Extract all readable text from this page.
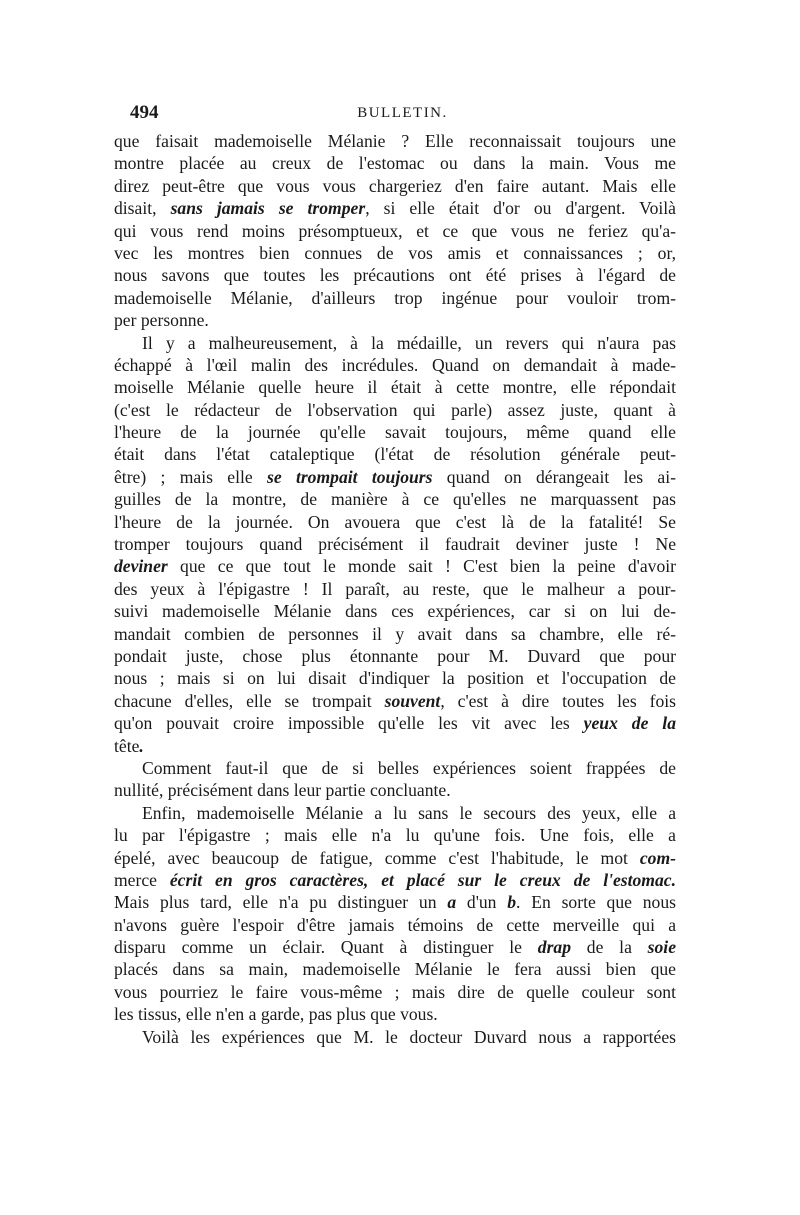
494	BULLETIN.
que faisait mademoiselle Mélanie ? Elle reconnaissait toujours une
montre placée au creux de l'estomac ou dans la main. Vous me
direz peut-être que vous vous chargeriez d'en faire autant. Mais elle
disait, sans jamais se tromper, si elle était d'or ou d'argent. Voilà
qui vous rend moins présomptueux, et ce que vous ne feriez qu'a-
vec les montres bien connues de vos amis et connaissances ; or,
nous savons que toutes les précautions ont été prises à l'égard de
mademoiselle Mélanie, d'ailleurs trop ingénue pour vouloir trom-
per personne.
Il y a malheureusement, à la médaille, un revers qui n'aura pas
échappé à l'œil malin des incrédules. Quand on demandait à made-
moiselle Mélanie quelle heure il était à cette montre, elle répondait
(c'est le rédacteur de l'observation qui parle) assez juste, quant à
l'heure de la journée qu'elle savait toujours, même quand elle
était dans l'état cataleptique (l'état de résolution générale peut-
être) ; mais elle se trompait toujours quand on dérangeait les ai-
guilles de la montre, de manière à ce qu'elles ne marquassent pas
l'heure de la journée. On avouera que c'est là de la fatalité! Se
tromper toujours quand précisément il faudrait deviner juste ! Ne
deviner que ce que tout le monde sait ! C'est bien la peine d'avoir
des yeux à l'épigastre ! Il paraît, au reste, que le malheur a pour-
suivi mademoiselle Mélanie dans ces expériences, car si on lui de-
mandait combien de personnes il y avait dans sa chambre, elle ré-
pondait juste, chose plus étonnante pour M. Duvard que pour
nous ; mais si on lui disait d'indiquer la position et l'occupation de
chacune d'elles, elle se trompait souvent, c'est à dire toutes les fois
qu'on pouvait croire impossible qu'elle les vit avec les yeux de la
tête.
Comment faut-il que de si belles expériences soient frappées de
nullité, précisément dans leur partie concluante.
Enfin, mademoiselle Mélanie a lu sans le secours des yeux, elle a
lu par l'épigastre ; mais elle n'a lu qu'une fois. Une fois, elle a
épelé, avec beaucoup de fatigue, comme c'est l'habitude, le mot com-
merce écrit en gros caractères, et placé sur le creux de l'estomac.
Mais plus tard, elle n'a pu distinguer un a d'un b. En sorte que nous
n'avons guère l'espoir d'être jamais témoins de cette merveille qui a
disparu comme un éclair. Quant à distinguer le drap de la soie
placés dans sa main, mademoiselle Mélanie le fera aussi bien que
vous pourriez le faire vous-même ; mais dire de quelle couleur sont
les tissus, elle n'en a garde, pas plus que vous.
Voilà les expériences que M. le docteur Duvard nous a rapportées
